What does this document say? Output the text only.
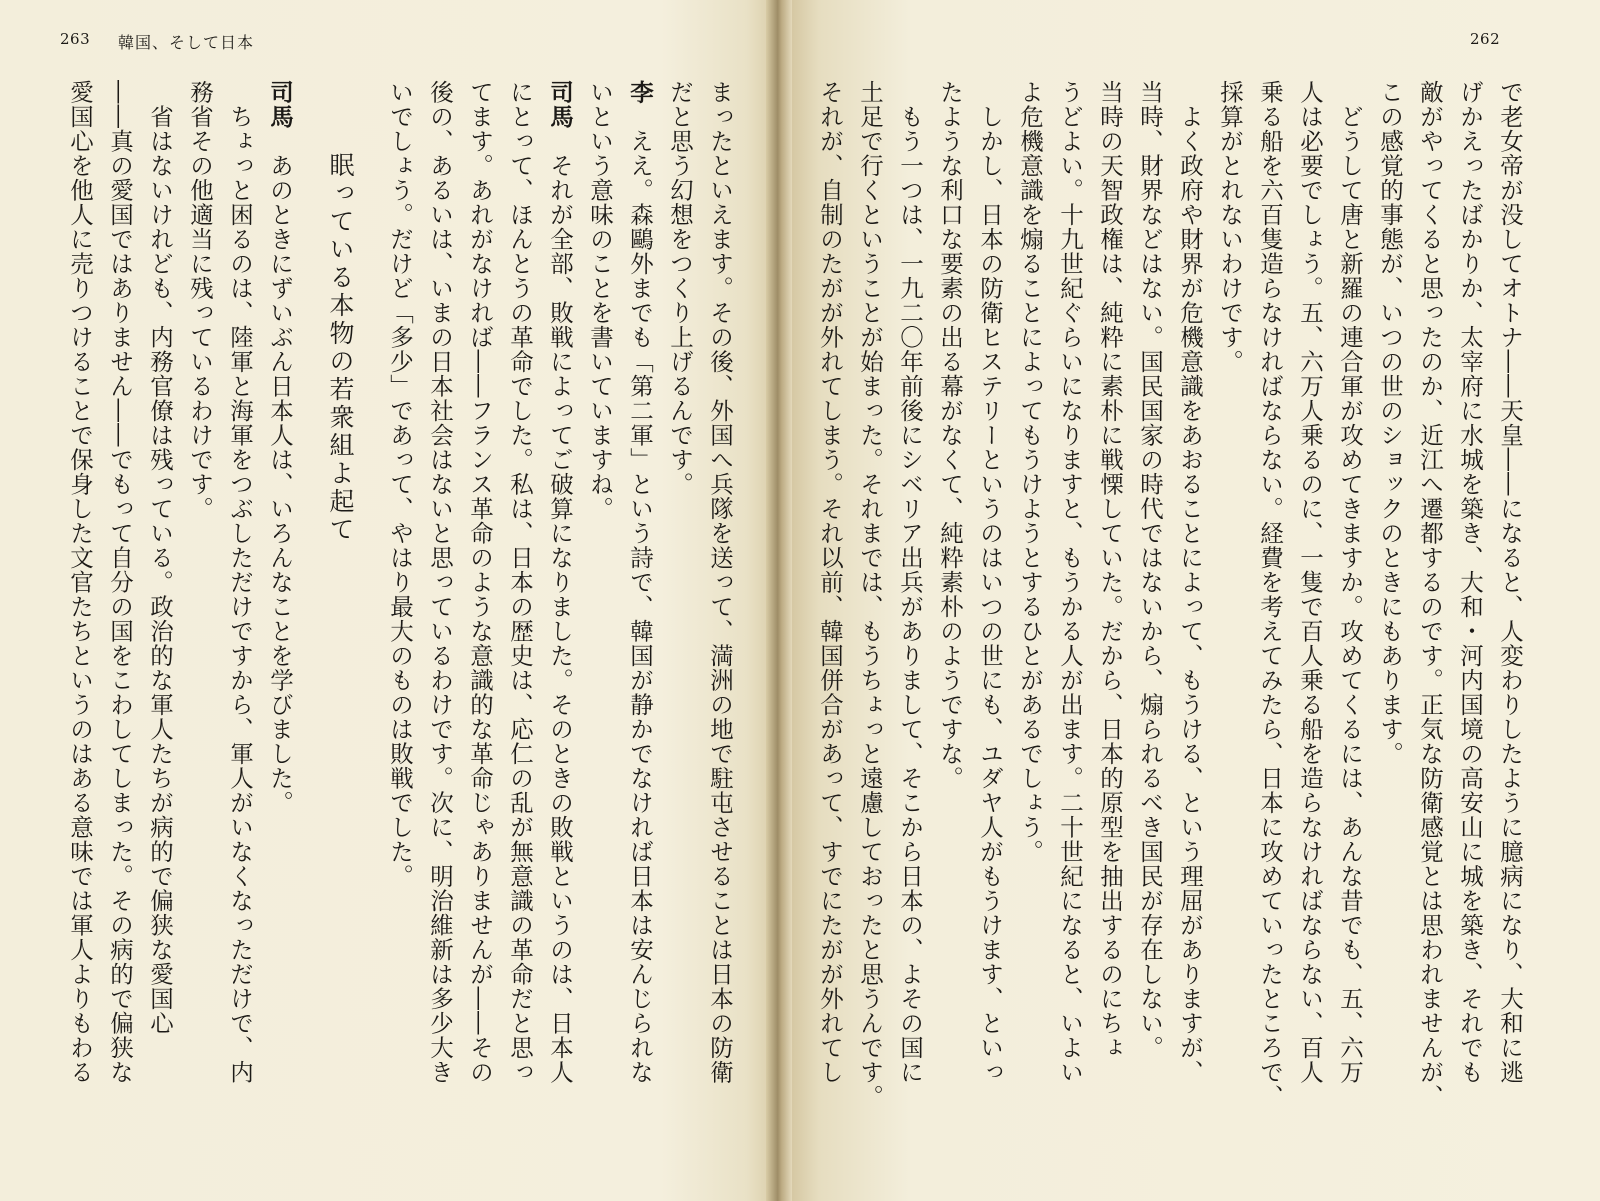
263 韓国、そして日本	262

で老女帝が没してオトナ――天皇――になると、人変わりしたように臆病になり、大和に逃

げかえったばかりか、太宰府に水城を築き、大和・河内国境の高安山に城を築き、それでも

敵がやってくると思ったのか、近江へ遷都するのです。正気な防衛感覚とは思われませんが、

この感覚的事態が、いつの世のショックのときにもあります。

　どうして唐と新羅の連合軍が攻めてきますか。攻めてくるには、あんな昔でも、五、六万

人は必要でしょう。五、六万人乗るのに、一隻で百人乗る船を造らなければならない、百人

乗る船を六百隻造らなければならない。経費を考えてみたら、日本に攻めていったところで、

採算がとれないわけです。

　よく政府や財界が危機意識をあおることによって、もうける、という理屈がありますが、

当時、財界などはない。国民国家の時代ではないから、煽られるべき国民が存在しない。

当時の天智政権は、純粋に素朴に戦慄していた。だから、日本的原型を抽出するのにちょ

うどよい。十九世紀ぐらいになりますと、もうかる人が出ます。二十世紀になると、いよい

よ危機意識を煽ることによってもうけようとするひとがあるでしょう。

　しかし、日本の防衛ヒステリーというのはいつの世にも、ユダヤ人がもうけます、といっ

たような利口な要素の出る幕がなくて、純粋素朴のようですな。

　もう一つは、一九二〇年前後にシベリア出兵がありまして、そこから日本の、よその国に

土足で行くということが始まった。それまでは、もうちょっと遠慮しておったと思うんです。

それが、自制のたがが外れてしまう。それ以前、韓国併合があって、すでにたがが外れてし

まったといえます。その後、外国へ兵隊を送って、満洲の地で駐屯させることは日本の防衛

だと思う幻想をつくり上げるんです。

李　ええ。森鷗外までも「第二軍」という詩で、韓国が静かでなければ日本は安んじられな

いという意味のことを書いていますね。

司馬　それが全部、敗戦によってご破算になりました。そのときの敗戦というのは、日本人

にとって、ほんとうの革命でした。私は、日本の歴史は、応仁の乱が無意識の革命だと思っ

てます。あれがなければ――フランス革命のような意識的な革命じゃありませんが――その

後の、あるいは、いまの日本社会はないと思っているわけです。次に、明治維新は多少大き

いでしょう。だけど「多少」であって、やはり最大のものは敗戦でした。

眠っている本物の若衆組よ起て

司馬　あのときにずいぶん日本人は、いろんなことを学びました。

　ちょっと困るのは、陸軍と海軍をつぶしただけですから、軍人がいなくなっただけで、内

務省その他適当に残っているわけです。

　省はないけれども、内務官僚は残っている。政治的な軍人たちが病的で偏狭な愛国心

――真の愛国ではありません――でもって自分の国をこわしてしまった。その病的で偏狭な

愛国心を他人に売りつけることで保身した文官たちというのはある意味では軍人よりもわる
